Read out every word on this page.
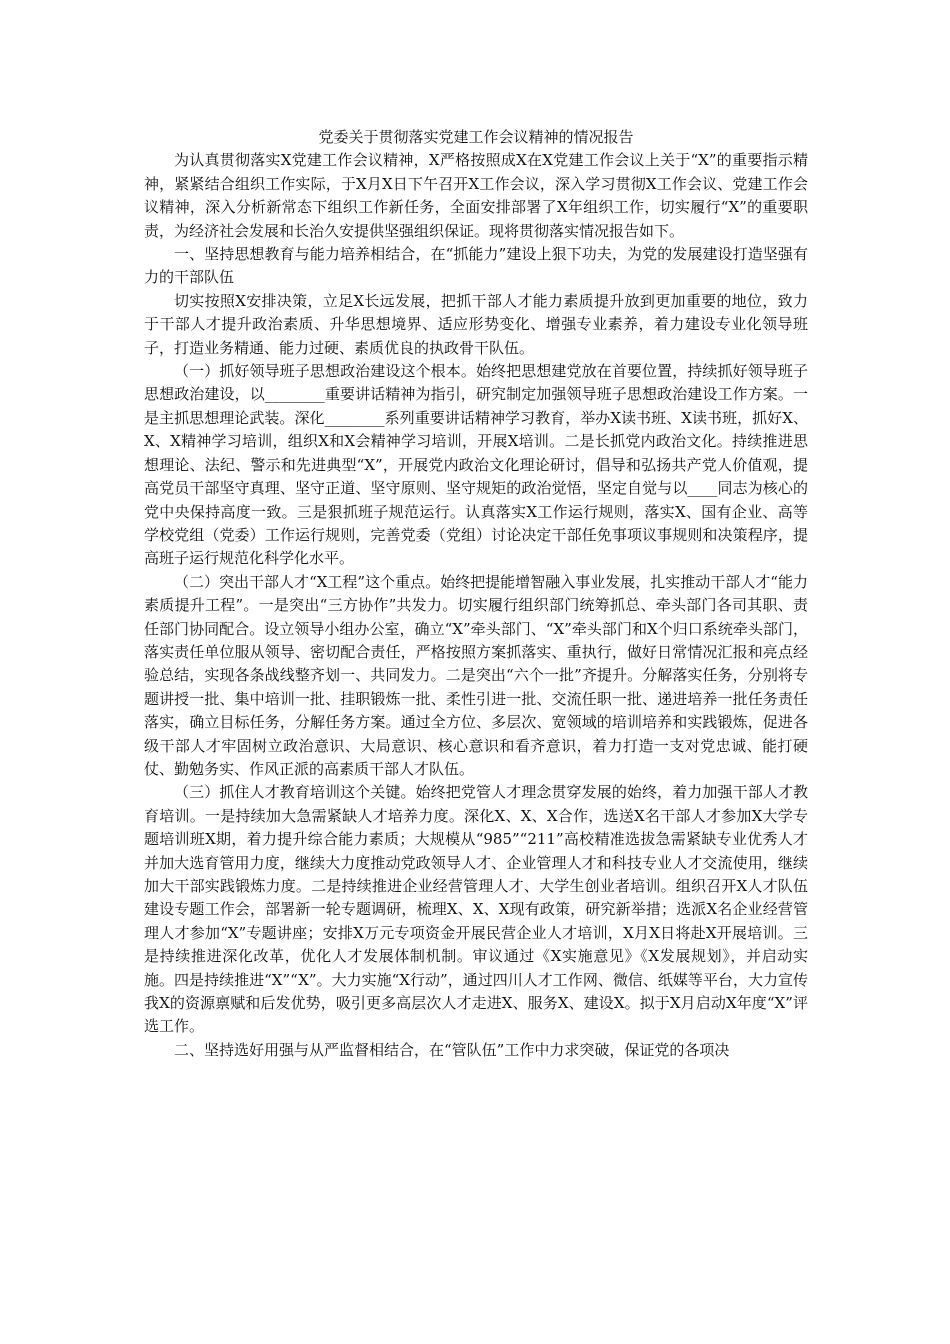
党委关于贯彻落实党建工作会议精神的情况报告

为认真贯彻落实X党建工作会议精神，X严格按照成X在X党建工作会议上关于“X”的重要指示精神，紧紧结合组织工作实际，于X月X日下午召开X工作会议，深入学习贯彻X工作会议、党建工作会议精神，深入分析新常态下组织工作新任务，全面安排部署了X年组织工作，切实履行“X”的重要职责，为经济社会发展和长治久安提供坚强组织保证。现将贯彻落实情况报告如下。

一、坚持思想教育与能力培养相结合，在“抓能力”建设上狠下功夫，为党的发展建设打造坚强有力的干部队伍

切实按照X安排决策，立足X长远发展，把抓干部人才能力素质提升放到更加重要的地位，致力于干部人才提升政治素质、升华思想境界、适应形势变化、增强专业素养，着力建设专业化领导班子，打造业务精通、能力过硬、素质优良的执政骨干队伍。

（一）抓好领导班子思想政治建设这个根本。始终把思想建党放在首要位置，持续抓好领导班子思想政治建设，以________重要讲话精神为指引，研究制定加强领导班子思想政治建设工作方案。一是主抓思想理论武装。深化________系列重要讲话精神学习教育，举办X读书班、X读书班，抓好X、X、X精神学习培训，组织X和X会精神学习培训，开展X培训。二是长抓党内政治文化。持续推进思想理论、法纪、警示和先进典型“X”，开展党内政治文化理论研讨，倡导和弘扬共产党人价值观，提高党员干部坚守真理、坚守正道、坚守原则、坚守规矩的政治觉悟，坚定自觉与以____同志为核心的党中央保持高度一致。三是狠抓班子规范运行。认真落实X工作运行规则，落实X、国有企业、高等学校党组（党委）工作运行规则，完善党委（党组）讨论决定干部任免事项议事规则和决策程序，提高班子运行规范化科学化水平。

（二）突出干部人才“X工程”这个重点。始终把提能增智融入事业发展，扎实推动干部人才“能力素质提升工程”。一是突出“三方协作”共发力。切实履行组织部门统筹抓总、牵头部门各司其职、责任部门协同配合。设立领导小组办公室，确立“X”牵头部门、“X”牵头部门和X个归口系统牵头部门，落实责任单位服从领导、密切配合责任，严格按照方案抓落实、重执行，做好日常情况汇报和亮点经验总结，实现各条战线整齐划一、共同发力。二是突出“六个一批”齐提升。分解落实任务，分别将专题讲授一批、集中培训一批、挂职锻炼一批、柔性引进一批、交流任职一批、递进培养一批任务责任落实，确立目标任务，分解任务方案。通过全方位、多层次、宽领域的培训培养和实践锻炼，促进各级干部人才牢固树立政治意识、大局意识、核心意识和看齐意识，着力打造一支对党忠诚、能打硬仗、勤勉务实、作风正派的高素质干部人才队伍。

（三）抓住人才教育培训这个关键。始终把党管人才理念贯穿发展的始终，着力加强干部人才教育培训。一是持续加大急需紧缺人才培养力度。深化X、X、X合作，选送X名干部人才参加X大学专题培训班X期，着力提升综合能力素质；大规模从“985”“211”高校精准选拔急需紧缺专业优秀人才并加大选育管用力度，继续大力度推动党政领导人才、企业管理人才和科技专业人才交流使用，继续加大干部实践锻炼力度。二是持续推进企业经营管理人才、大学生创业者培训。组织召开X人才队伍建设专题工作会，部署新一轮专题调研，梳理X、X、X现有政策，研究新举措；选派X名企业经营管理人才参加“X”专题讲座；安排X万元专项资金开展民营企业人才培训，X月X日将赴X开展培训。三是持续推进深化改革，优化人才发展体制机制。审议通过《X实施意见》《X发展规划》，并启动实施。四是持续推进“X”“X”。大力实施“X行动”，通过四川人才工作网、微信、纸媒等平台，大力宣传我X的资源禀赋和后发优势，吸引更多高层次人才走进X、服务X、建设X。拟于X月启动X年度“X”评选工作。

二、坚持选好用强与从严监督相结合，在“管队伍”工作中力求突破，保证党的各项决
